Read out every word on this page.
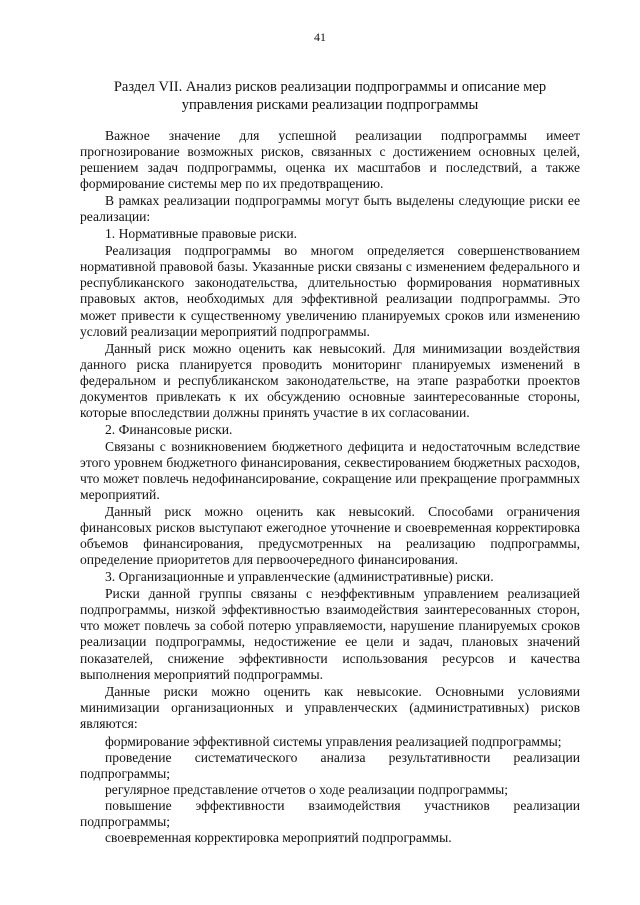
41
Раздел VII. Анализ рисков реализации подпрограммы и описание мер
управления рисками реализации подпрограммы

Важное значение для успешной реализации подпрограммы имеет прогнозирование возможных рисков, связанных с достижением основных целей, решением задач подпрограммы, оценка их масштабов и последствий, а также формирование системы мер по их предотвращению.

В рамках реализации подпрограммы могут быть выделены следующие риски ее реализации:

1. Нормативные правовые риски.

Реализация подпрограммы во многом определяется совершенствованием нормативной правовой базы. Указанные риски связаны с изменением федерального и республиканского законодательства, длительностью формирования нормативных правовых актов, необходимых для эффективной реализации подпрограммы. Это может привести к существенному увеличению планируемых сроков или изменению условий реализации мероприятий подпрограммы.

Данный риск можно оценить как невысокий. Для минимизации воздействия данного риска планируется проводить мониторинг планируемых изменений в федеральном и республиканском законодательстве, на этапе разработки проектов документов привлекать к их обсуждению основные заинтересованные стороны, которые впоследствии должны принять участие в их согласовании.

2. Финансовые риски.

Связаны с возникновением бюджетного дефицита и недостаточным вследствие этого уровнем бюджетного финансирования, секвестированием бюджетных расходов, что может повлечь недофинансирование, сокращение или прекращение программных мероприятий.

Данный риск можно оценить как невысокий. Способами ограничения финансовых рисков выступают ежегодное уточнение и своевременная корректировка объемов финансирования, предусмотренных на реализацию подпрограммы, определение приоритетов для первоочередного финансирования.

3. Организационные и управленческие (административные) риски.

Риски данной группы связаны с неэффективным управлением реализацией подпрограммы, низкой эффективностью взаимодействия заинтересованных сторон, что может повлечь за собой потерю управляемости, нарушение планируемых сроков реализации подпрограммы, недостижение ее цели и задач, плановых значений показателей, снижение эффективности использования ресурсов и качества выполнения мероприятий подпрограммы.

Данные риски можно оценить как невысокие. Основными условиями минимизации организационных и управленческих (административных) рисков являются:

формирование эффективной системы управления реализацией подпрограммы;

проведение систематического анализа результативности реализации подпрограммы;

регулярное представление отчетов о ходе реализации подпрограммы;

повышение эффективности взаимодействия участников реализации подпрограммы;

своевременная корректировка мероприятий подпрограммы.
